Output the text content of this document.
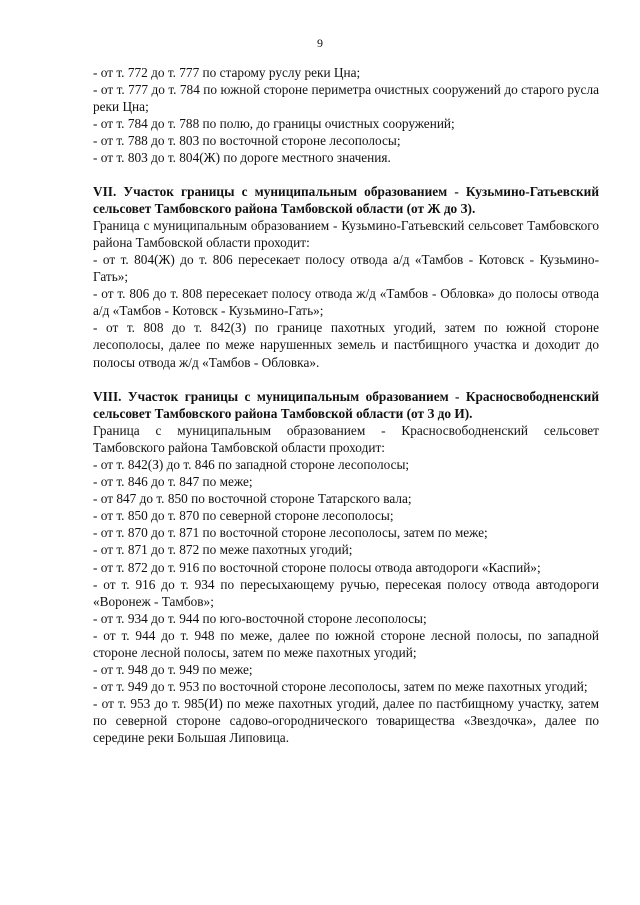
9

- от т. 772 до т. 777 по старому руслу реки Цна;

- от т. 777 до т. 784 по южной стороне периметра очистных сооружений до старого русла реки Цна;

- от т. 784 до т. 788 по полю, до границы очистных сооружений;

- от т. 788 до т. 803 по восточной стороне лесополосы;

- от т. 803 до т. 804(Ж) по дороге местного значения.

VII. Участок границы с муниципальным образованием - Кузьмино-Гатьевский сельсовет Тамбовского района Тамбовской области (от Ж до З).

Граница с муниципальным образованием - Кузьмино-Гатьевский сельсовет Тамбовского района Тамбовской области проходит:

- от т. 804(Ж) до т. 806 пересекает полосу отвода а/д «Тамбов - Котовск - Кузьмино-Гать»;

- от т. 806 до т. 808 пересекает полосу отвода ж/д «Тамбов - Обловка» до полосы отвода а/д «Тамбов - Котовск - Кузьмино-Гать»;

- от т. 808 до т. 842(З) по границе пахотных угодий, затем по южной стороне лесополосы, далее по меже нарушенных земель и пастбищного участка и доходит до полосы отвода ж/д «Тамбов - Обловка».

VIII. Участок границы с муниципальным образованием - Красносвободненский сельсовет Тамбовского района Тамбовской области (от З до И).

Граница с муниципальным образованием - Красносвободненский сельсовет Тамбовского района Тамбовской области проходит:

- от т. 842(З) до т. 846 по западной стороне лесополосы;

- от т. 846 до т. 847 по меже;

- от 847 до т. 850 по восточной стороне Татарского вала;

- от т. 850 до т. 870 по северной стороне лесополосы;

- от т. 870 до т. 871 по восточной стороне лесополосы, затем по меже;

- от т. 871 до т. 872 по меже пахотных угодий;

- от т. 872 до т. 916 по восточной стороне полосы отвода автодороги «Каспий»;

- от т. 916 до т. 934 по пересыхающему ручью, пересекая полосу отвода автодороги «Воронеж - Тамбов»;

- от т. 934 до т. 944 по юго-восточной стороне лесополосы;

- от т. 944 до т. 948 по меже, далее по южной стороне лесной полосы, по западной стороне лесной полосы, затем по меже пахотных угодий;

- от т. 948 до т. 949 по меже;

- от т. 949 до т. 953 по восточной стороне лесополосы, затем по меже пахотных угодий;

- от т. 953 до т. 985(И) по меже пахотных угодий, далее по пастбищному участку, затем по северной стороне садово-огороднического товарищества «Звездочка», далее по середине реки Большая Липовица.
